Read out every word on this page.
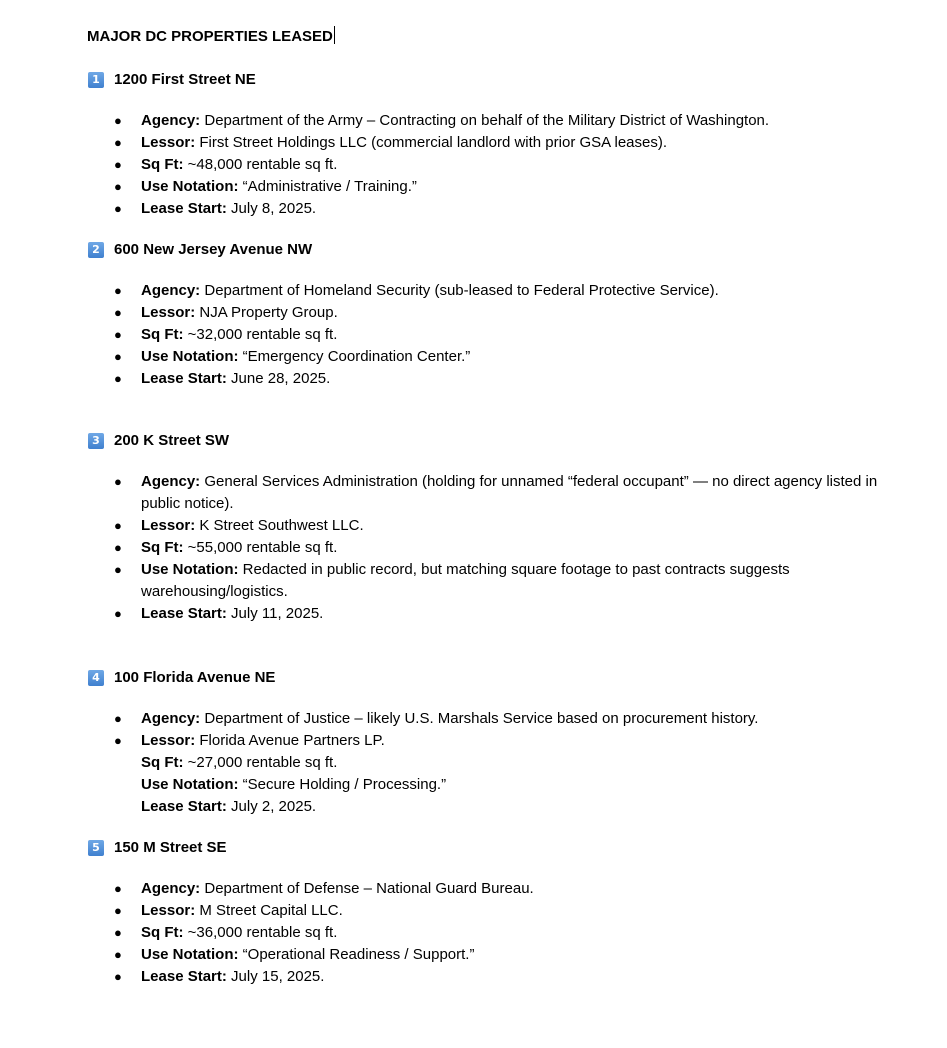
MAJOR DC PROPERTIES LEASED
1 1200 First Street NE
● Agency: Department of the Army – Contracting on behalf of the Military District of Washington.
● Lessor: First Street Holdings LLC (commercial landlord with prior GSA leases).
● Sq Ft: ~48,000 rentable sq ft.
● Use Notation: “Administrative / Training.”
● Lease Start: July 8, 2025.
2 600 New Jersey Avenue NW
● Agency: Department of Homeland Security (sub-leased to Federal Protective Service).
● Lessor: NJA Property Group.
● Sq Ft: ~32,000 rentable sq ft.
● Use Notation: “Emergency Coordination Center.”
● Lease Start: June 28, 2025.
3 200 K Street SW
● Agency: General Services Administration (holding for unnamed “federal occupant” — no direct agency listed in public notice).
● Lessor: K Street Southwest LLC.
● Sq Ft: ~55,000 rentable sq ft.
● Use Notation: Redacted in public record, but matching square footage to past contracts suggests warehousing/logistics.
● Lease Start: July 11, 2025.
4 100 Florida Avenue NE
● Agency: Department of Justice – likely U.S. Marshals Service based on procurement history.
● Lessor: Florida Avenue Partners LP.
Sq Ft: ~27,000 rentable sq ft.
Use Notation: “Secure Holding / Processing.”
Lease Start: July 2, 2025.
5 150 M Street SE
● Agency: Department of Defense – National Guard Bureau.
● Lessor: M Street Capital LLC.
● Sq Ft: ~36,000 rentable sq ft.
● Use Notation: “Operational Readiness / Support.”
● Lease Start: July 15, 2025.
